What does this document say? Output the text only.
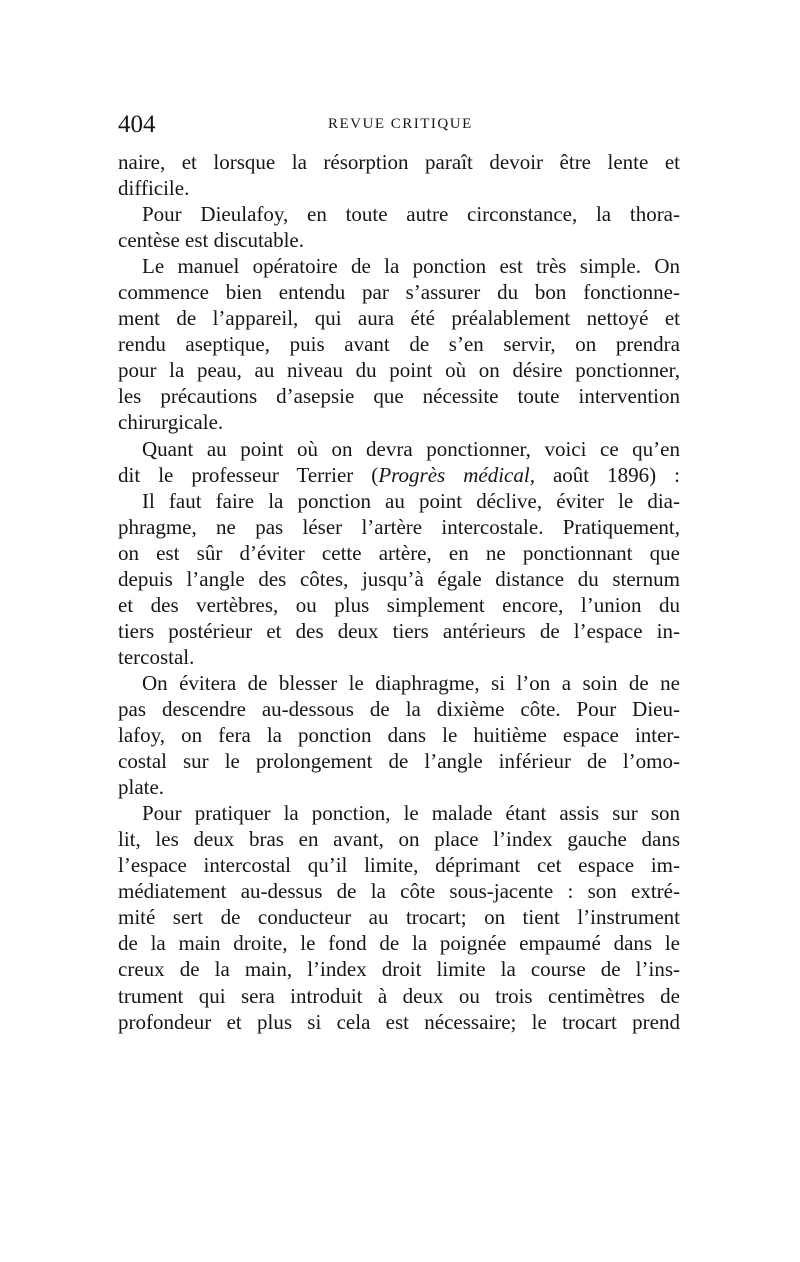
404	REVUE CRITIQUE
naire, et lorsque la résorption paraît devoir être lente et
difficile.
Pour Dieulafoy, en toute autre circonstance, la thora-
centèse est discutable.
Le manuel opératoire de la ponction est très simple. On
commence bien entendu par s’assurer du bon fonctionne-
ment de l’appareil, qui aura été préalablement nettoyé et
rendu aseptique, puis avant de s’en servir, on prendra
pour la peau, au niveau du point où on désire ponctionner,
les précautions d’asepsie que nécessite toute intervention
chirurgicale.
Quant au point où on devra ponctionner, voici ce qu’en
dit le professeur Terrier (Progrès médical, août 1896) :
Il faut faire la ponction au point déclive, éviter le dia-
phragme, ne pas léser l’artère intercostale. Pratiquement,
on est sûr d’éviter cette artère, en ne ponctionnant que
depuis l’angle des côtes, jusqu’à égale distance du sternum
et des vertèbres, ou plus simplement encore, l’union du
tiers postérieur et des deux tiers antérieurs de l’espace in-
tercostal.
On évitera de blesser le diaphragme, si l’on a soin de ne
pas descendre au-dessous de la dixième côte. Pour Dieu-
lafoy, on fera la ponction dans le huitième espace inter-
costal sur le prolongement de l’angle inférieur de l’omo-
plate.
Pour pratiquer la ponction, le malade étant assis sur son
lit, les deux bras en avant, on place l’index gauche dans
l’espace intercostal qu’il limite, déprimant cet espace im-
médiatement au-dessus de la côte sous-jacente : son extré-
mité sert de conducteur au trocart; on tient l’instrument
de la main droite, le fond de la poignée empaumé dans le
creux de la main, l’index droit limite la course de l’ins-
trument qui sera introduit à deux ou trois centimètres de
profondeur et plus si cela est nécessaire; le trocart prend
